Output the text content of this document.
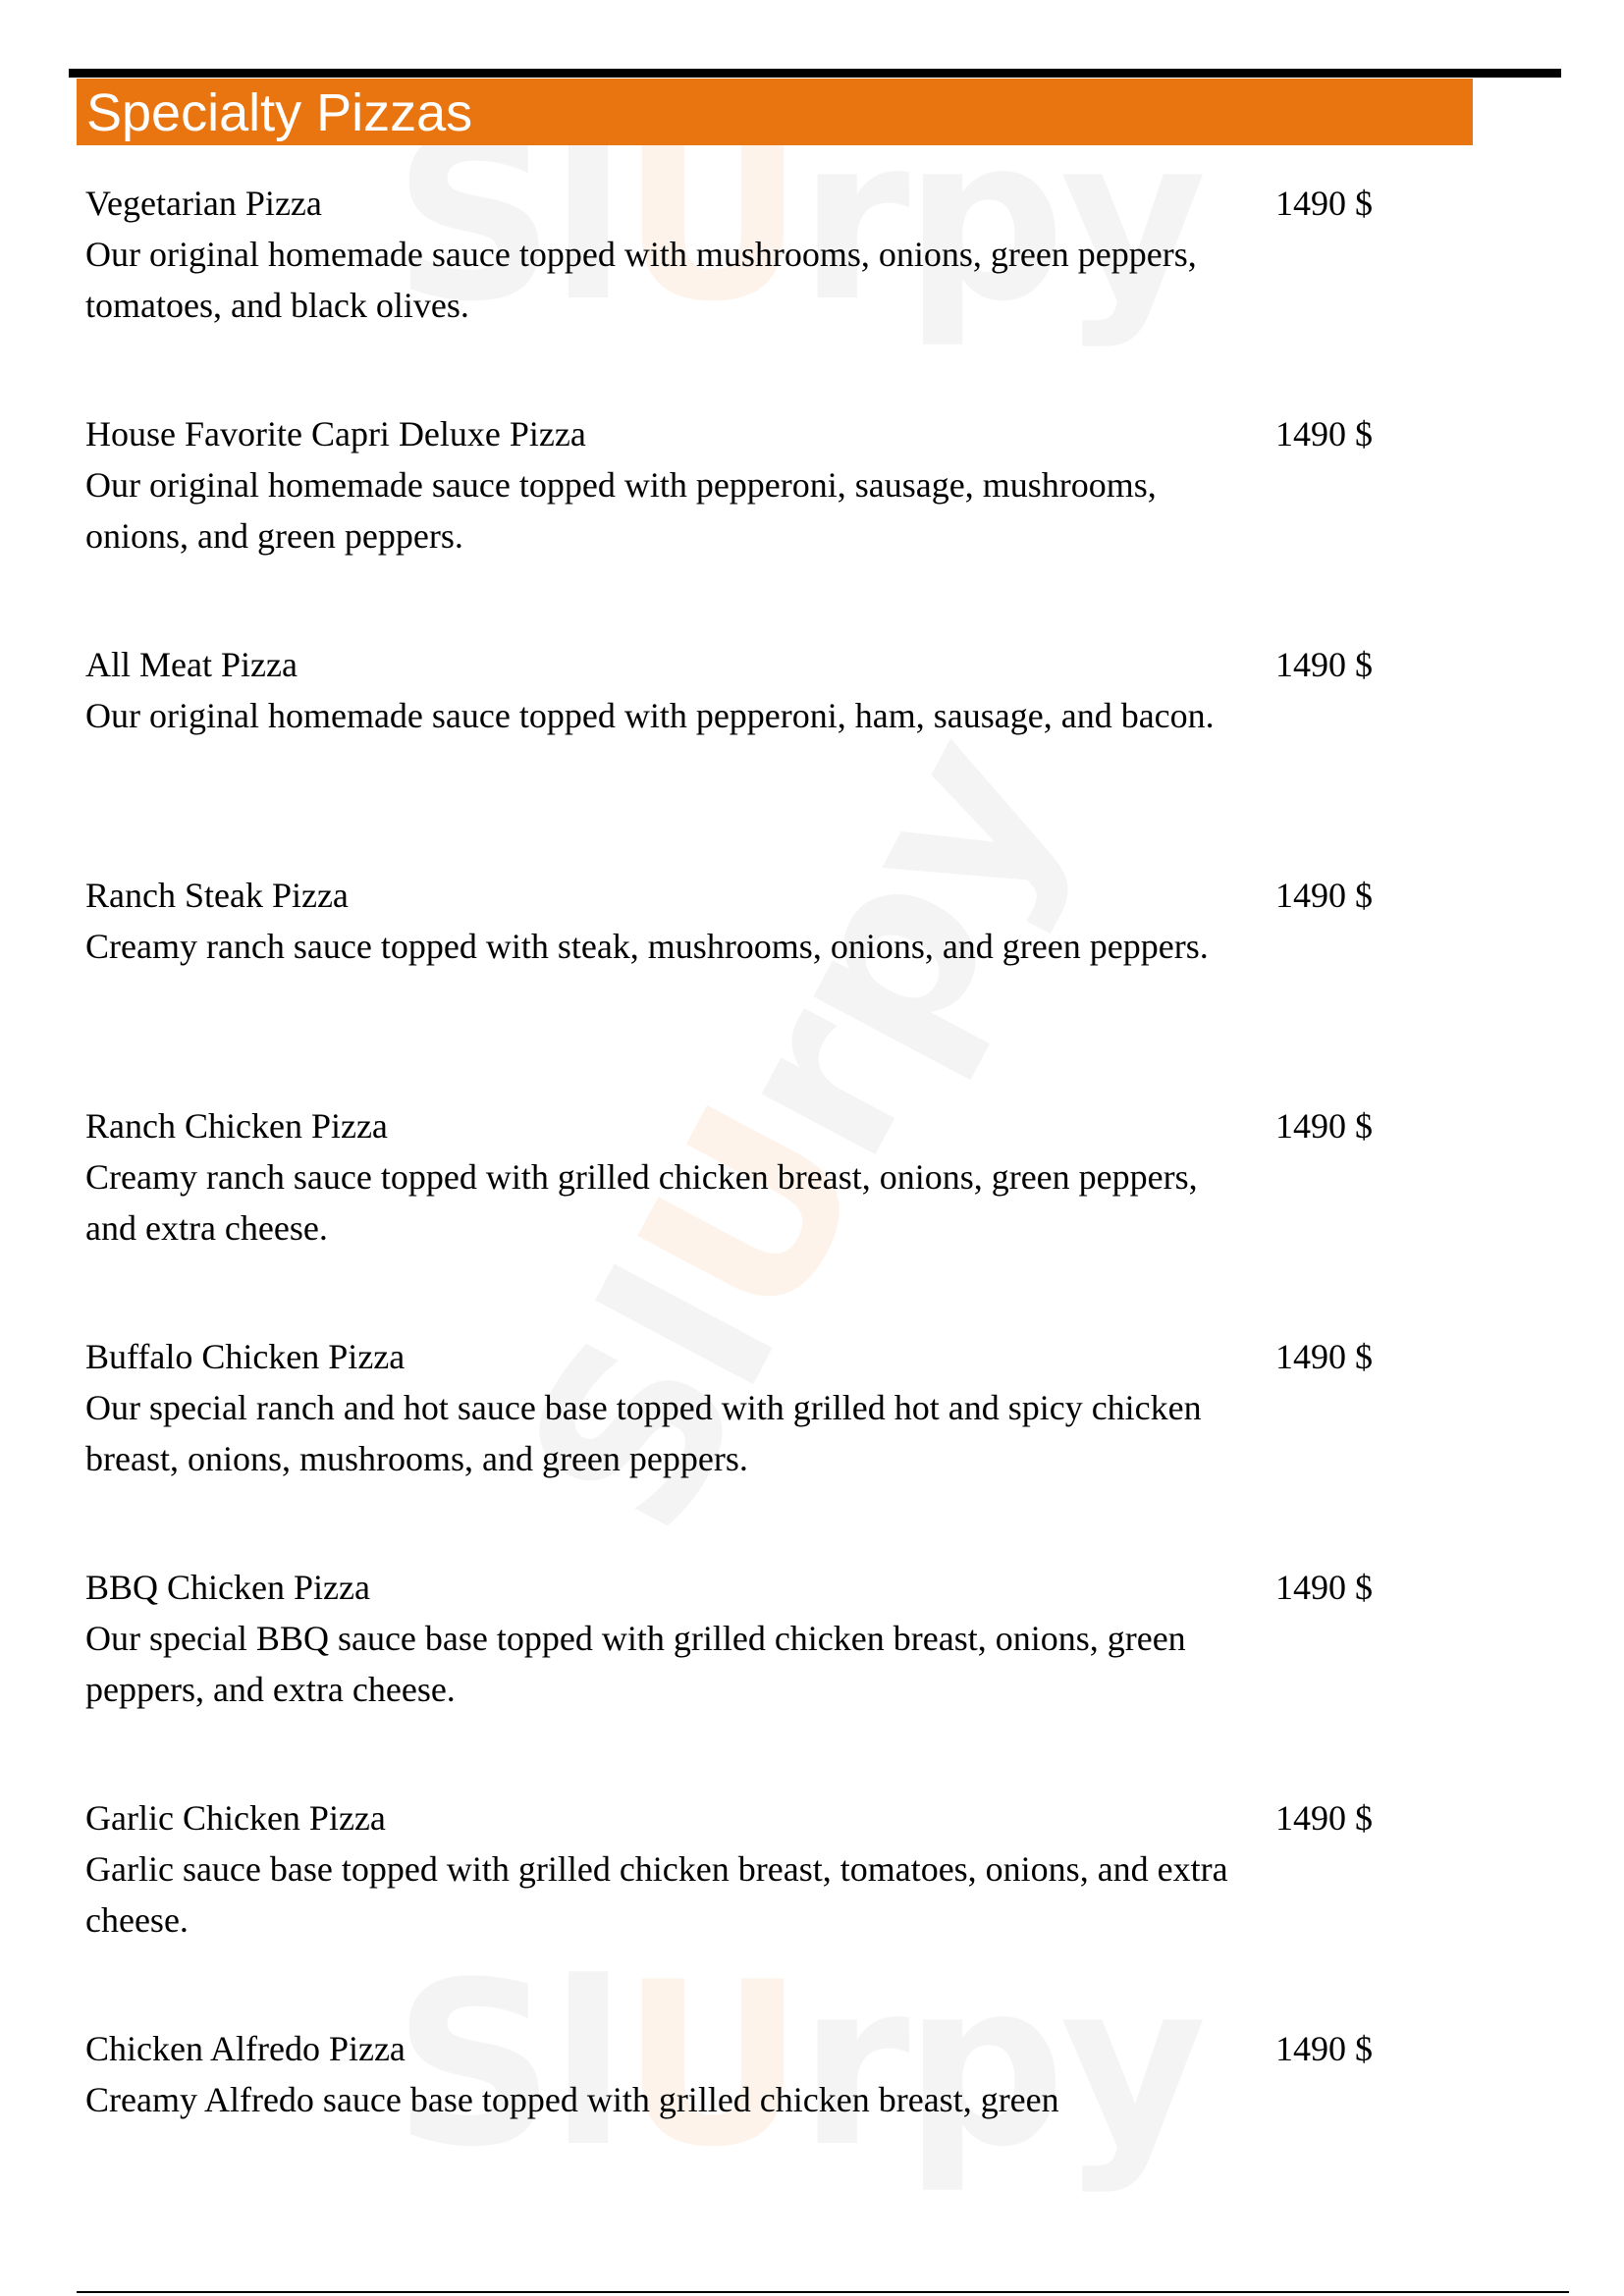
U
U
U
Specialty Pizzas
Vegetarian Pizza
Our original homemade sauce topped with mushrooms, onions, green peppers, tomatoes, and black olives.
1490 $
House Favorite Capri Deluxe Pizza
Our original homemade sauce topped with pepperoni, sausage, mushrooms, onions, and green peppers.
1490 $
All Meat Pizza
Our original homemade sauce topped with pepperoni, ham, sausage, and bacon.
1490 $
Ranch Steak Pizza
Creamy ranch sauce topped with steak, mushrooms, onions, and green peppers.
1490 $
Ranch Chicken Pizza
Creamy ranch sauce topped with grilled chicken breast, onions, green peppers, and extra cheese.
1490 $
Buffalo Chicken Pizza
Our special ranch and hot sauce base topped with grilled hot and spicy chicken breast, onions, mushrooms, and green peppers.
1490 $
BBQ Chicken Pizza
Our special BBQ sauce base topped with grilled chicken breast, onions, green peppers, and extra cheese.
1490 $
Garlic Chicken Pizza
Garlic sauce base topped with grilled chicken breast, tomatoes, onions, and extra cheese.
1490 $
Chicken Alfredo Pizza
Creamy Alfredo sauce base topped with grilled chicken breast, green
1490 $
